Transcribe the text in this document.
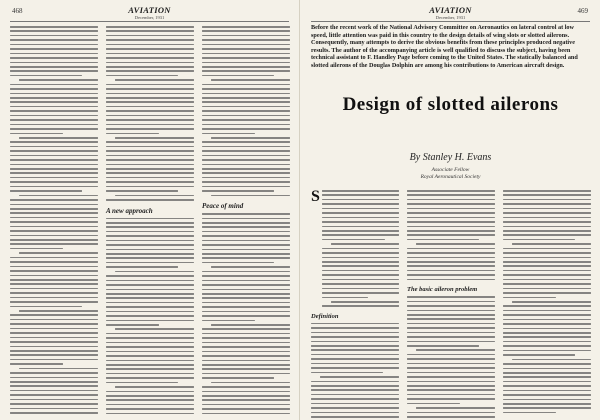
468	AVIATION
December, 1931
A new approach
Peace of mind
AVIATION
December, 1931
469
Before the recent work of the National Advisory Committee on Aeronautics on lateral control at low speed, little attention was paid in this country to the design details of wing slots or slotted ailerons. Consequently, many attempts to derive the obvious benefits from these principles produced negative results. The author of the accompanying article is well qualified to discuss the subject, having been technical assistant to F. Handley Page before coming to the United States. The statically balanced and slotted ailerons of the Douglas Dolphin are among his contributions to American aircraft design.
Design of slotted ailerons
By Stanley H. Evans
Associate Fellow
Royal Aeronautical Society
S
Definition
The basic aileron problem
